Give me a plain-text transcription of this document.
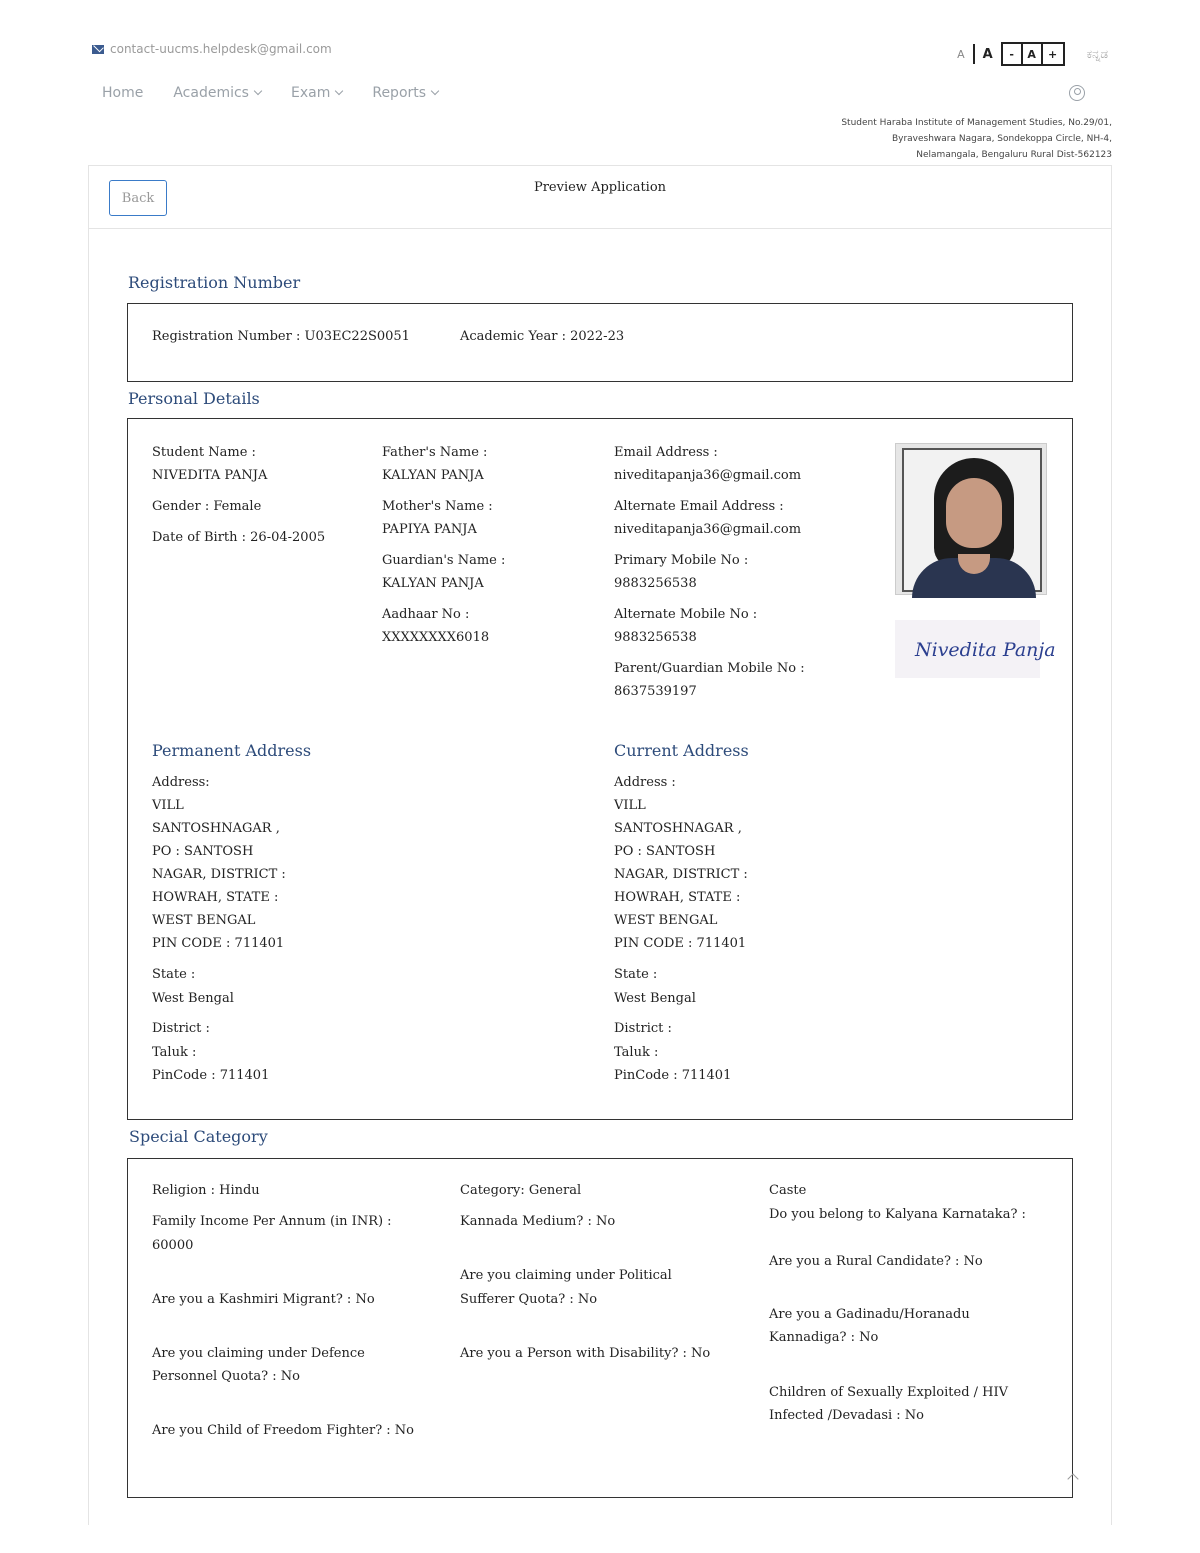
contact-uucms.helpdesk@gmail.com	A A	-	A	+	ಕನ್ನಡ
Home Academics	Exam	Reports
Student Haraba Institute of Management Studies, No.29/01,
Byraveshwara Nagara, Sondekoppa Circle, NH-4,
Nelamangala, Bengaluru Rural Dist-562123
Back
Preview Application
Registration Number
Registration Number : U03EC22S0051	Academic Year : 2022-23
Personal Details
Student Name :
NIVEDITA PANJA
Gender : Female
Date of Birth : 26-04-2005
Father's Name :
KALYAN PANJA
Mother's Name :
PAPIYA PANJA
Guardian's Name :
KALYAN PANJA
Aadhaar No :
XXXXXXXX6018
Email Address :
niveditapanja36@gmail.com
Alternate Email Address :
niveditapanja36@gmail.com
Primary Mobile No :
9883256538
Alternate Mobile No :
9883256538
Parent/Guardian Mobile No :
8637539197
Nivedita Panja
Permanent Address
Address:
VILL
SANTOSHNAGAR ,
PO : SANTOSH
NAGAR, DISTRICT :
HOWRAH, STATE :
WEST BENGAL
PIN CODE : 711401
State :
West Bengal
District :
Taluk :
PinCode : 711401
Current Address
Address :
VILL
SANTOSHNAGAR ,
PO : SANTOSH
NAGAR, DISTRICT :
HOWRAH, STATE :
WEST BENGAL
PIN CODE : 711401
State :
West Bengal
District :
Taluk :
PinCode : 711401
Special Category
Religion : Hindu
Family Income Per Annum (in INR) :
60000
Are you a Kashmiri Migrant? : No
Are you claiming under Defence
Personnel Quota? : No
Are you Child of Freedom Fighter? : No
Category: General
Kannada Medium? : No
Are you claiming under Political
Sufferer Quota? : No
Are you a Person with Disability? : No
Caste
Do you belong to Kalyana Karnataka? :
Are you a Rural Candidate? : No
Are you a Gadinadu/Horanadu
Kannadiga? : No
Children of Sexually Exploited / HIV
Infected /Devadasi : No
